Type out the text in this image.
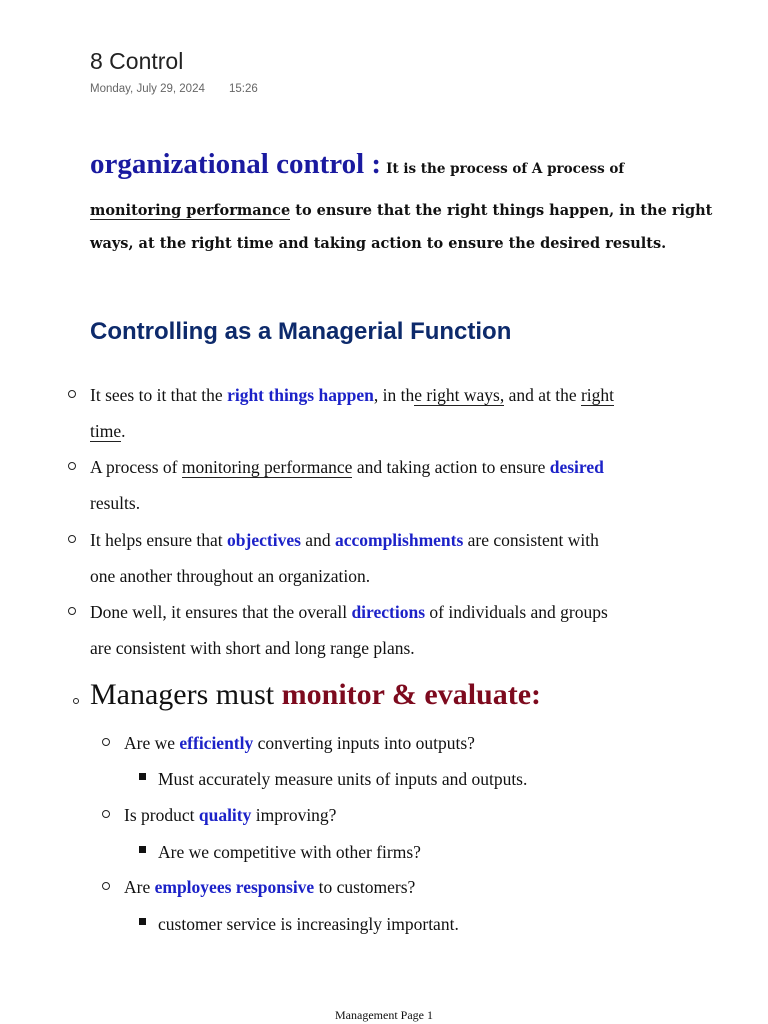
8 Control
Monday, July 29, 2024 15:26
organizational control : It is the process of A process of
monitoring performance to ensure that the right things happen, in the right
ways, at the right time and taking action to ensure the desired results.
Controlling as a Managerial Function
It sees to it that the right things happen, in the right ways, and at the right
time.
A process of monitoring performance and taking action to ensure desired
results.
It helps ensure that objectives and accomplishments are consistent with
one another throughout an organization.
Done well, it ensures that the overall directions of individuals and groups
are consistent with short and long range plans.
Managers must monitor & evaluate:
Are we efficiently converting inputs into outputs?
Must accurately measure units of inputs and outputs.
Is product quality improving?
Are we competitive with other firms?
Are employees responsive to customers?
customer service is increasingly important.
Management Page 1
